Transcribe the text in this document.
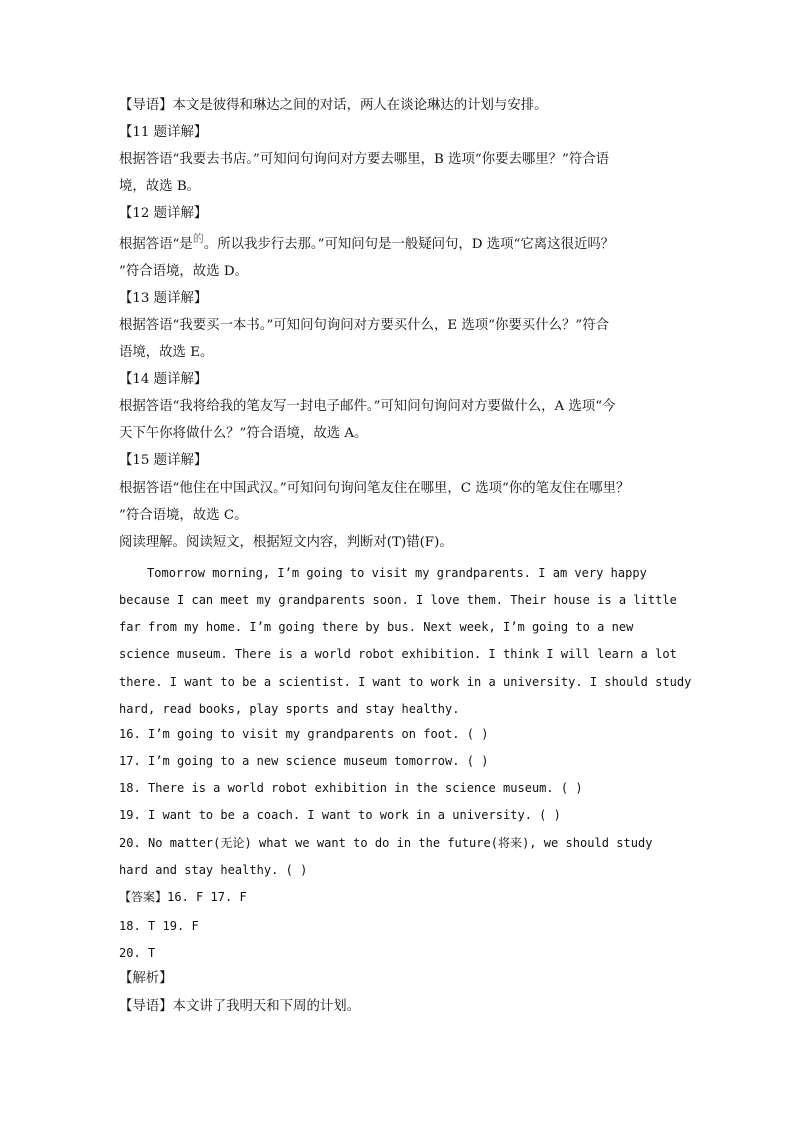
【导语】本文是彼得和琳达之间的对话，两人在谈论琳达的计划与安排。
【11 题详解】
根据答语“我要去书店。”可知问句询问对方要去哪里，B 选项“你要去哪里？”符合语
境，故选 B。
【12 题详解】
根据答语“是$^的$。所以我步行去那。”可知问句是一般疑问句，D 选项“它离这很近吗？
”符合语境，故选 D。
【13 题详解】
根据答语“我要买一本书。”可知问句询问对方要买什么，E 选项“你要买什么？”符合
语境，故选 E。
【14 题详解】
根据答语“我将给我的笔友写一封电子邮件。”可知问句询问对方要做什么，A 选项“今
天下午你将做什么？”符合语境，故选 A。
【15 题详解】
根据答语“他住在中国武汉。”可知问句询问笔友住在哪里，C 选项“你的笔友住在哪里？
”符合语境，故选 C。
阅读理解。阅读短文，根据短文内容，判断对(T)错(F)。
Tomorrow morning, I’m going to visit my grandparents. I am very happy
because I can meet my grandparents soon. I love them. Their house is a little
far from my home. I’m going there by bus. Next week, I’m going to a new
science museum. There is a world robot exhibition. I think I will learn a lot
there. I want to be a scientist. I want to work in a university. I should study
hard, read books, play sports and stay healthy.
16. I’m going to visit my grandparents on foot. ( )
17. I’m going to a new science museum tomorrow. ( )
18. There is a world robot exhibition in the science museum. ( )
19. I want to be a coach. I want to work in a university. ( )
20. No matter(无论) what we want to do in the future(将来), we should study
hard and stay healthy. ( )
【答案】16. F 17. F
18. T 19. F
20. T
【解析】
【导语】本文讲了我明天和下周的计划。
